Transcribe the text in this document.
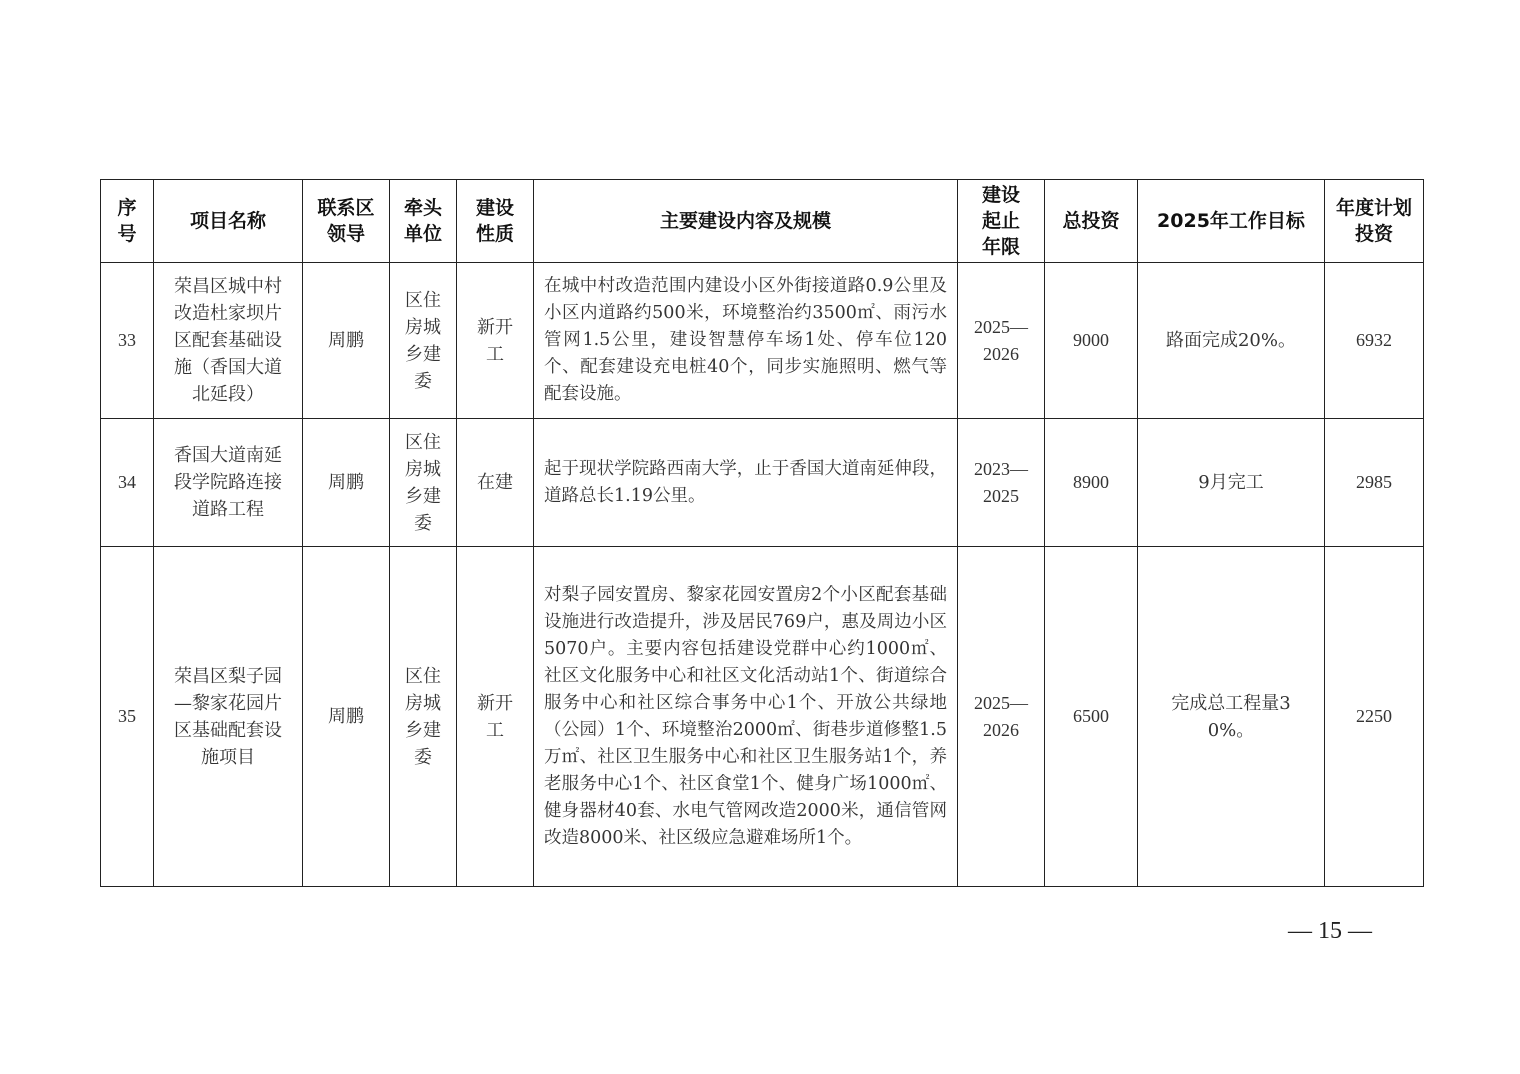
序号	项目名称	联系区领导	牵头单位	建设性质	主要建设内容及规模	建设起止年限	总投资	2025年工作目标	年度计划投资
33	荣昌区城中村改造杜家坝片区配套基础设施（香国大道北延段）	周鹏	区住房城乡建委	新开工	在城中村改造范围内建设小区外街接道路0.9公里及小区内道路约500米，环境整治约3500㎡、雨污水管网1.5公里，建设智慧停车场1处、停车位120个、配套建设充电桩40个，同步实施照明、燃气等配套设施。	2025—2026	9000	路面完成20%。	6932
34	香国大道南延段学院路连接道路工程	周鹏	区住房城乡建委	在建	起于现状学院路西南大学，止于香国大道南延伸段，道路总长1.19公里。	2023—2025	8900	9月完工	2985
35	荣昌区梨子园—黎家花园片区基础配套设施项目	周鹏	区住房城乡建委	新开工	对梨子园安置房、黎家花园安置房2个小区配套基础设施进行改造提升，涉及居民769户，惠及周边小区5070户。主要内容包括建设党群中心约1000㎡、社区文化服务中心和社区文化活动站1个、街道综合服务中心和社区综合事务中心1个、开放公共绿地（公园）1个、环境整治2000㎡、街巷步道修整1.5万㎡、社区卫生服务中心和社区卫生服务站1个，养老服务中心1个、社区食堂1个、健身广场1000㎡、健身器材40套、水电气管网改造2000米，通信管网改造8000米、社区级应急避难场所1个。	2025—2026	6500	完成总工程量30%。	2250
— 15 —
